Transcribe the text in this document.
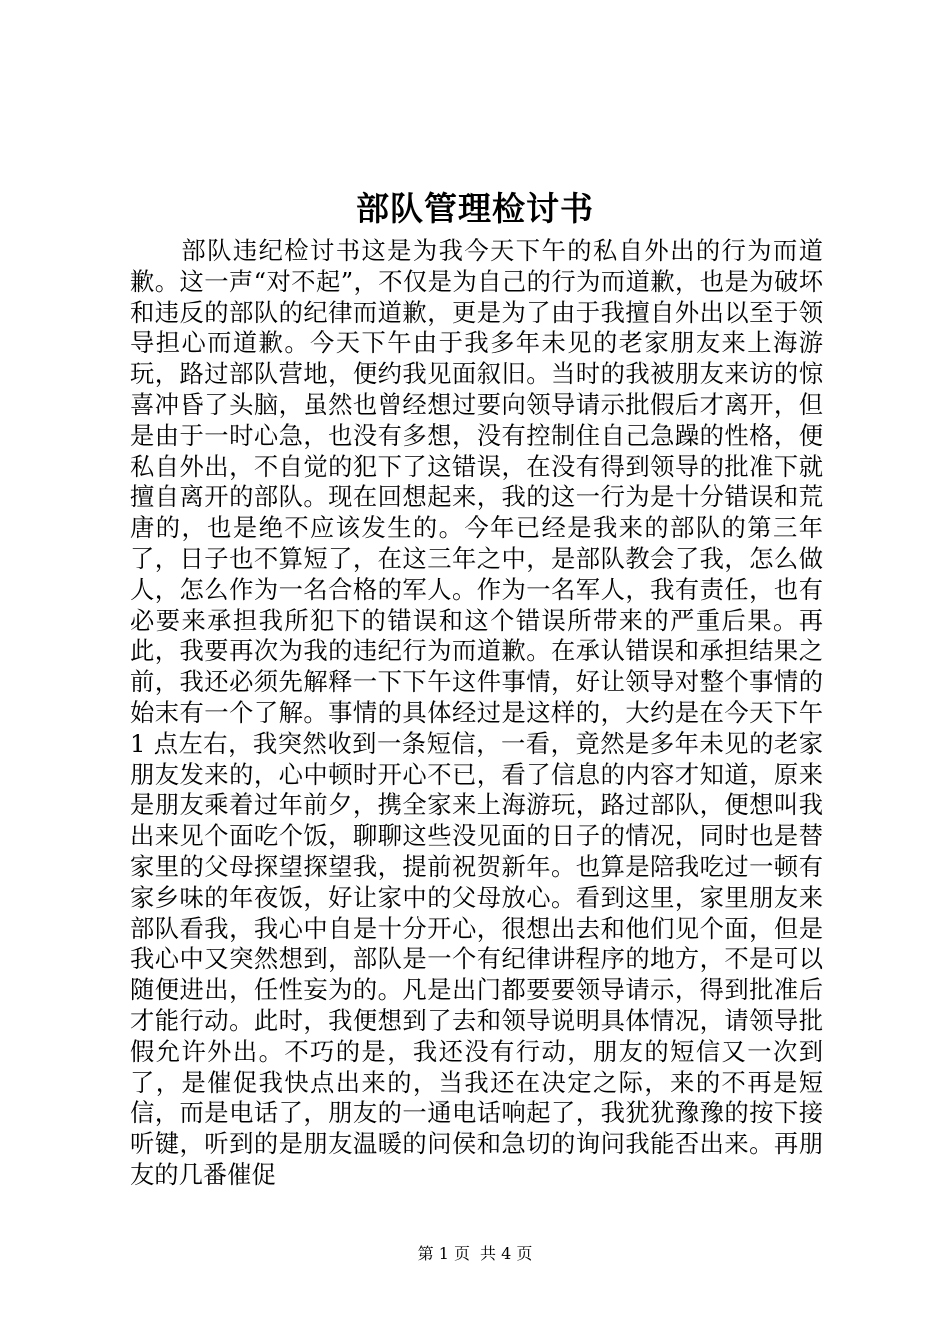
部队管理检讨书

部队违纪检讨书这是为我今天下午的私自外出的行为而道歉。这一声“对不起”，不仅是为自己的行为而道歉，也是为破坏和违反的部队的纪律而道歉，更是为了由于我擅自外出以至于领导担心而道歉。今天下午由于我多年未见的老家朋友来上海游玩，路过部队营地，便约我见面叙旧。当时的我被朋友来访的惊喜冲昏了头脑，虽然也曾经想过要向领导请示批假后才离开，但是由于一时心急，也没有多想，没有控制住自己急躁的性格，便私自外出，不自觉的犯下了这错误，在没有得到领导的批准下就擅自离开的部队。现在回想起来，我的这一行为是十分错误和荒唐的，也是绝不应该发生的。今年已经是我来的部队的第三年了，日子也不算短了，在这三年之中，是部队教会了我，怎么做人，怎么作为一名合格的军人。作为一名军人，我有责任，也有必要来承担我所犯下的错误和这个错误所带来的严重后果。再此，我要再次为我的违纪行为而道歉。在承认错误和承担结果之前，我还必须先解释一下下午这件事情，好让领导对整个事情的始末有一个了解。事情的具体经过是这样的，大约是在今天下午 1 点左右，我突然收到一条短信，一看，竟然是多年未见的老家朋友发来的，心中顿时开心不已，看了信息的内容才知道，原来是朋友乘着过年前夕，携全家来上海游玩，路过部队，便想叫我出来见个面吃个饭，聊聊这些没见面的日子的情况，同时也是替家里的父母探望探望我，提前祝贺新年。也算是陪我吃过一顿有家乡味的年夜饭，好让家中的父母放心。看到这里，家里朋友来部队看我，我心中自是十分开心，很想出去和他们见个面，但是我心中又突然想到，部队是一个有纪律讲程序的地方，不是可以随便进出，任性妄为的。凡是出门都要要领导请示，得到批准后才能行动。此时，我便想到了去和领导说明具体情况，请领导批假允许外出。不巧的是，我还没有行动，朋友的短信又一次到了，是催促我快点出来的，当我还在决定之际，来的不再是短信，而是电话了，朋友的一通电话响起了，我犹犹豫豫的按下接听键，听到的是朋友温暖的问侯和急切的询问我能否出来。再朋友的几番催促

第 1 页 共 4 页
